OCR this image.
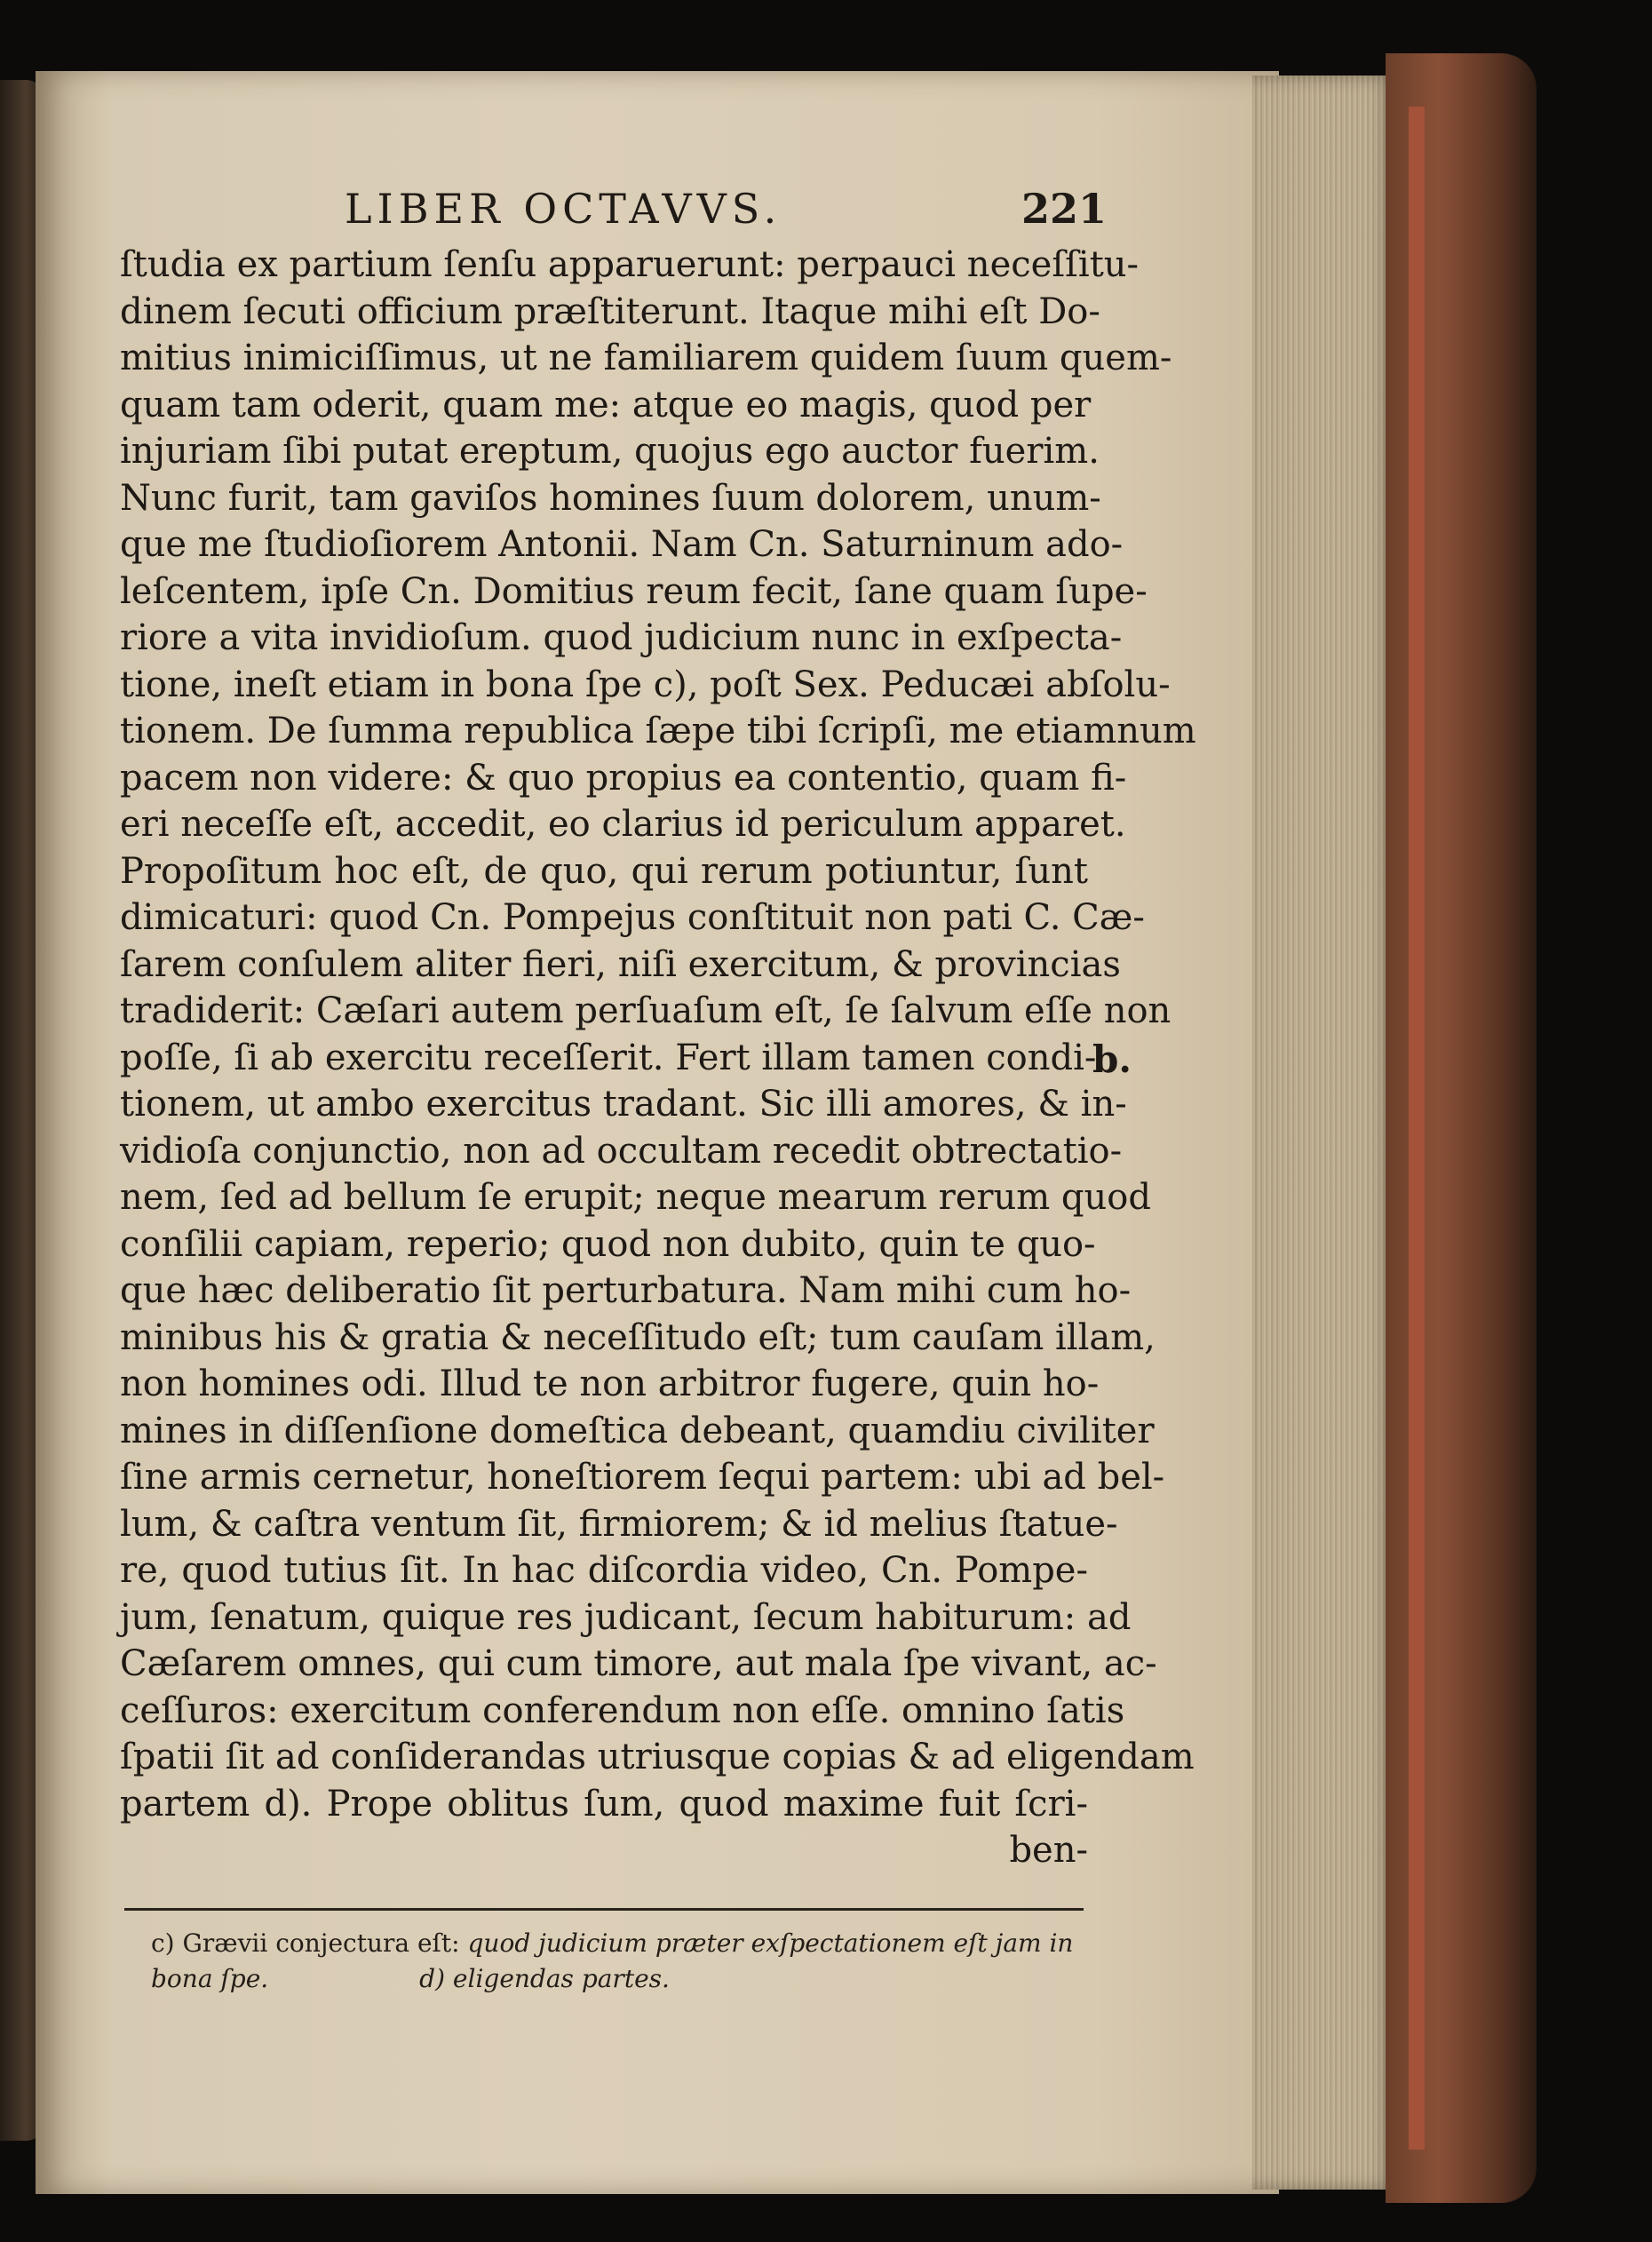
LIBER OCTAVVS.	221
ſtudia ex partium ſenſu apparuerunt: perpauci neceſſitu-
dinem ſecuti officium præſtiterunt. Itaque mihi eſt Do-
mitius inimiciſſimus, ut ne familiarem quidem ſuum quem-
quam tam oderit, quam me: atque eo magis, quod per
injuriam ſibi putat ereptum, quojus ego auctor fuerim.
Nunc furit, tam gaviſos homines ſuum dolorem, unum-
que me ſtudioſiorem Antonii. Nam Cn. Saturninum ado-
leſcentem, ipſe Cn. Domitius reum fecit, ſane quam ſupe-
riore a vita invidioſum. quod judicium nunc in exſpecta-
tione, ineſt etiam in bona ſpe c), poſt Sex. Peducæi abſolu-
tionem. De ſumma republica ſæpe tibi ſcripſi, me etiamnum
pacem non videre: & quo propius ea contentio, quam fi-
eri neceſſe eſt, accedit, eo clarius id periculum apparet.
Propoſitum hoc eſt, de quo, qui rerum potiuntur, ſunt
dimicaturi: quod Cn. Pompejus conſtituit non pati C. Cæ-
ſarem conſulem aliter fieri, niſi exercitum, & provincias
tradiderit: Cæſari autem perſuaſum eſt, ſe ſalvum eſſe non
poſſe, ſi ab exercitu receſſerit. Fert illam tamen condi-
tionem, ut ambo exercitus tradant. Sic illi amores, & in-
vidioſa conjunctio, non ad occultam recedit obtrectatio-
nem, ſed ad bellum ſe erupit; neque mearum rerum quod
conſilii capiam, reperio; quod non dubito, quin te quo-
que hæc deliberatio ſit perturbatura. Nam mihi cum ho-
minibus his & gratia & neceſſitudo eſt; tum cauſam illam,
non homines odi. Illud te non arbitror fugere, quin ho-
mines in diſſenſione domeſtica debeant, quamdiu civiliter
ſine armis cernetur, honeſtiorem ſequi partem: ubi ad bel-
lum, & caſtra ventum ſit, firmiorem; & id melius ſtatue-
re, quod tutius ſit. In hac diſcordia video, Cn. Pompe-
jum, ſenatum, quique res judicant, ſecum habiturum: ad
Cæſarem omnes, qui cum timore, aut mala ſpe vivant, ac-
ceſſuros: exercitum conferendum non eſſe. omnino ſatis
ſpatii ſit ad conſiderandas utriusque copias & ad eligendam
partem d). Prope oblitus ſum, quod maxime fuit ſcri-
ben-
b.
c) Grævii conjectura eſt: quod judicium præter exſpectationem eſt jam in
bona ſpe.	d) eligendas partes.
